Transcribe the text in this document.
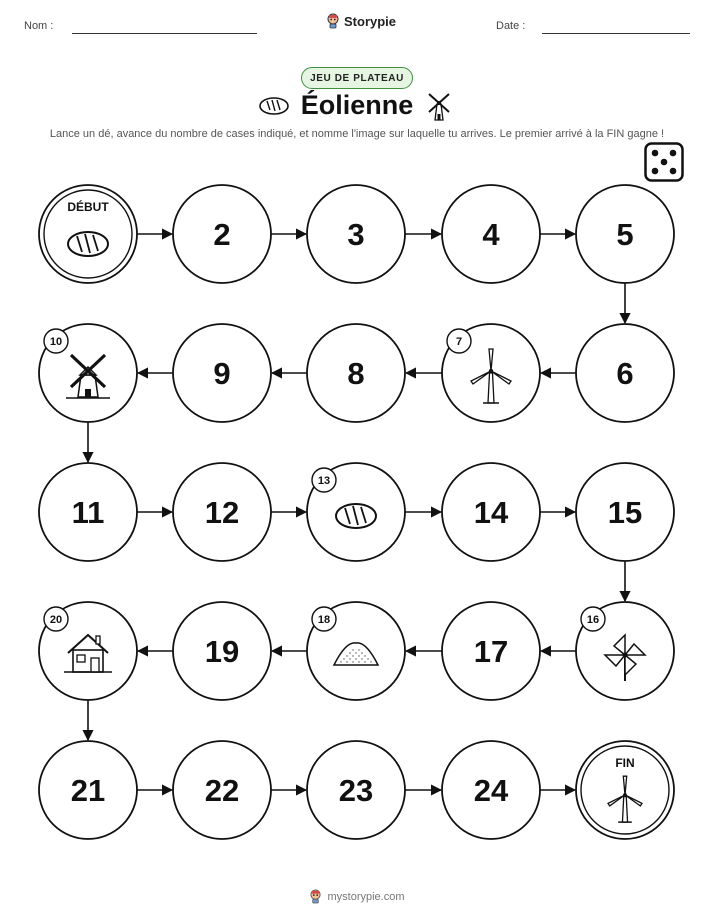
Nom :	Storypie	Date :
JEU DE PLATEAU
Éolienne
Lance un dé, avance du nombre de cases indiqué, et nomme l'image sur laquelle tu arrives. Le premier arrivé à la FIN gagne !
DÉBUT
2	3	4	5
6
7
8
9
10
11	12
13
14	15
16
17
18
19
20
21	22	23	24
FIN
mystorypie.com
